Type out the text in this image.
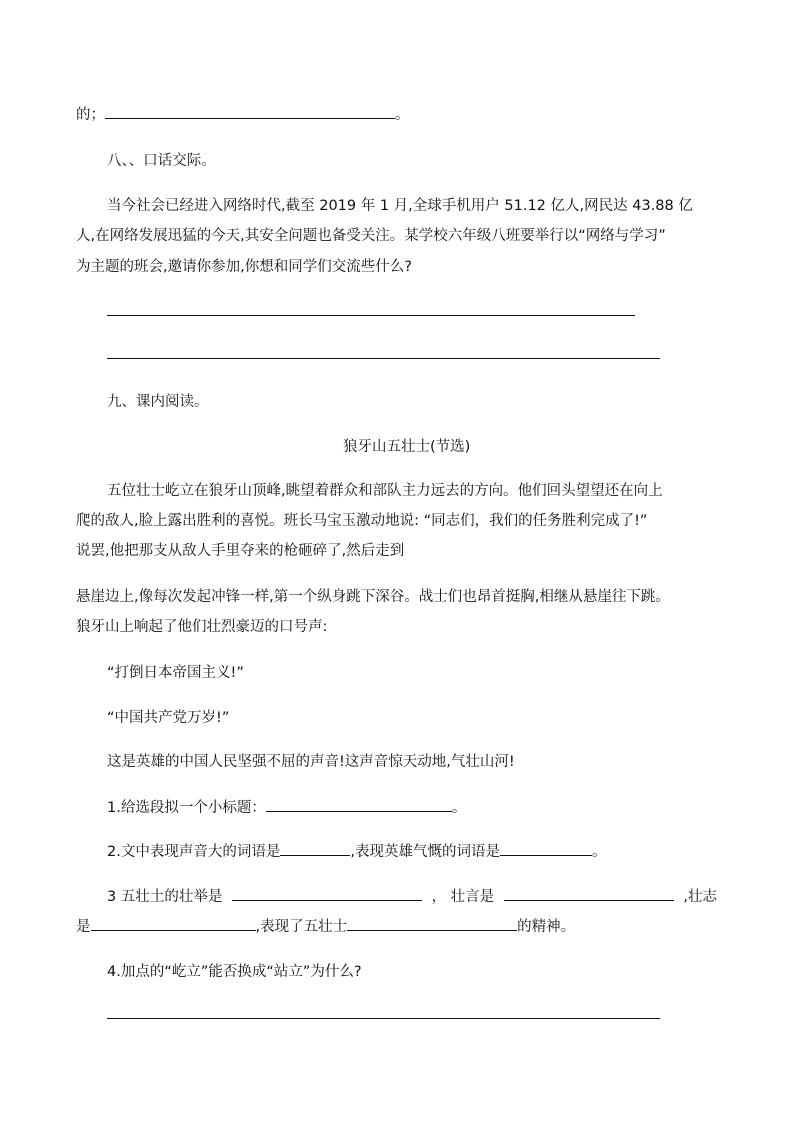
的；	。
八、、口话交际。
当今社会已经进入网络时代,截至 2019 年 1 月,全球手机用户 51.12 亿人,网民达 43.88 亿
人,在网络发展迅猛的今天,其安全问题也备受关注。某学校六年级八班要举行以“网络与学习”
为主题的班会,邀请你参加,你想和同学们交流些什么?
九、课内阅读。
狼牙山五壮士(节选)
五位壮士屹立在狼牙山顶峰,眺望着群众和部队主力远去的方向。他们回头望望还在向上
爬的敌人,脸上露出胜利的喜悦。班长马宝玉激动地说: “同志们，我们的任务胜利完成了!”
说罢,他把那支从敌人手里夺来的枪砸碎了,然后走到
悬崖边上,像每次发起冲锋一样,第一个纵身跳下深谷。战士们也昂首挺胸,相继从悬崖往下跳。
狼牙山上响起了他们壮烈豪迈的口号声:
“打倒日本帝国主义!”
“中国共产党万岁!”
这是英雄的中国人民坚强不屈的声音!这声音惊天动地,气壮山河!
1.给选段拟一个小标题：	。
2.文中表现声音大的词语是	,表现英雄气慨的词语是	。
3 五壮土的壮举是	， 壮言是	,壮志
是	,表现了五壮士	的精神。
4.加点的“屹立”能否换成“站立”为什么?
